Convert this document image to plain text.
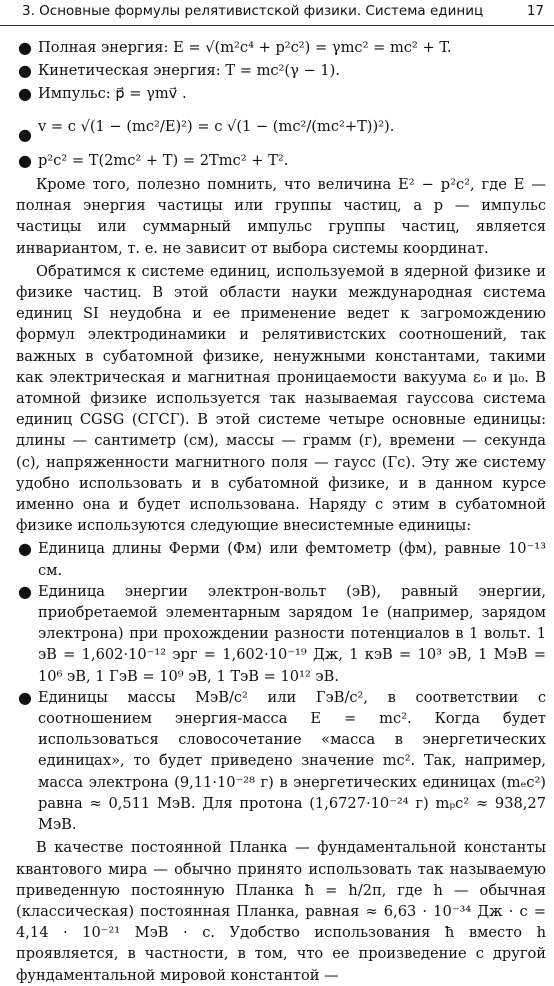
3. Основные формулы релятивистской физики. Система единиц	17
● Полная энергия: E = √(m²c⁴ + p²c²) = γmc² = mc² + T.
● Кинетическая энергия: T = mc²(γ − 1).
● Импульс: p⃗ = γmv⃗ .
● v = c √(1 − (mc²/E)²) = c √(1 − (mc²/(mc²+T))²).
● p²c² = T(2mc² + T) = 2Tmc² + T².

Кроме того, полезно помнить, что величина E² − p²c², где E — полная энергия частицы или группы частиц, а p — импульс частицы или суммарный импульс группы частиц, является инвариантом, т. е. не зависит от выбора системы координат.

Обратимся к системе единиц, используемой в ядерной физике и физике частиц. В этой области науки международная система единиц SI неудобна и ее применение ведет к загромождению формул электродинамики и релятивистских соотношений, так важных в субатомной физике, ненужными константами, такими как электрическая и магнитная проницаемости вакуума ε₀ и μ₀. В атомной физике используется так называемая гауссова система единиц CGSG (СГСГ). В этой системе четыре основные единицы: длины — сантиметр (см), массы — грамм (г), времени — секунда (с), напряженности магнитного поля — гаусс (Гс). Эту же систему удобно использовать и в субатомной физике, и в данном курсе именно она и будет использована. Наряду с этим в субатомной физике используются следующие внесистемные единицы:

● Единица длины Ферми (Фм) или фемтометр (фм), равные 10⁻¹³ см.
● Единица энергии электрон-вольт (эВ), равный энергии, приобретаемой элементарным зарядом 1e (например, зарядом электрона) при прохождении разности потенциалов в 1 вольт. 1 эВ = 1,602·10⁻¹² эрг = 1,602·10⁻¹⁹ Дж, 1 кэВ = 10³ эВ, 1 МэВ = 10⁶ эВ, 1 ГэВ = 10⁹ эВ, 1 ТэВ = 10¹² эВ.
● Единицы массы МэВ/c² или ГэВ/c², в соответствии с соотношением энергия-масса E = mc². Когда будет использоваться словосочетание «масса в энергетических единицах», то будет приведено значение mc². Так, например, масса электрона (9,11·10⁻²⁸ г) в энергетических единицах (mₑc²) равна ≈ 0,511 МэВ. Для протона (1,6727·10⁻²⁴ г) mₚc² ≈ 938,27 МэВ.

В качестве постоянной Планка — фундаментальной константы квантового мира — обычно принято использовать так называемую приведенную постоянную Планка ħ = h/2π, где h — обычная (классическая) постоянная Планка, равная ≈ 6,63 · 10⁻³⁴ Дж · с = 4,14 · 10⁻²¹ МэВ · с. Удобство использования ħ вместо h проявляется, в частности, в том, что ее произведение с другой фундаментальной мировой константой —
